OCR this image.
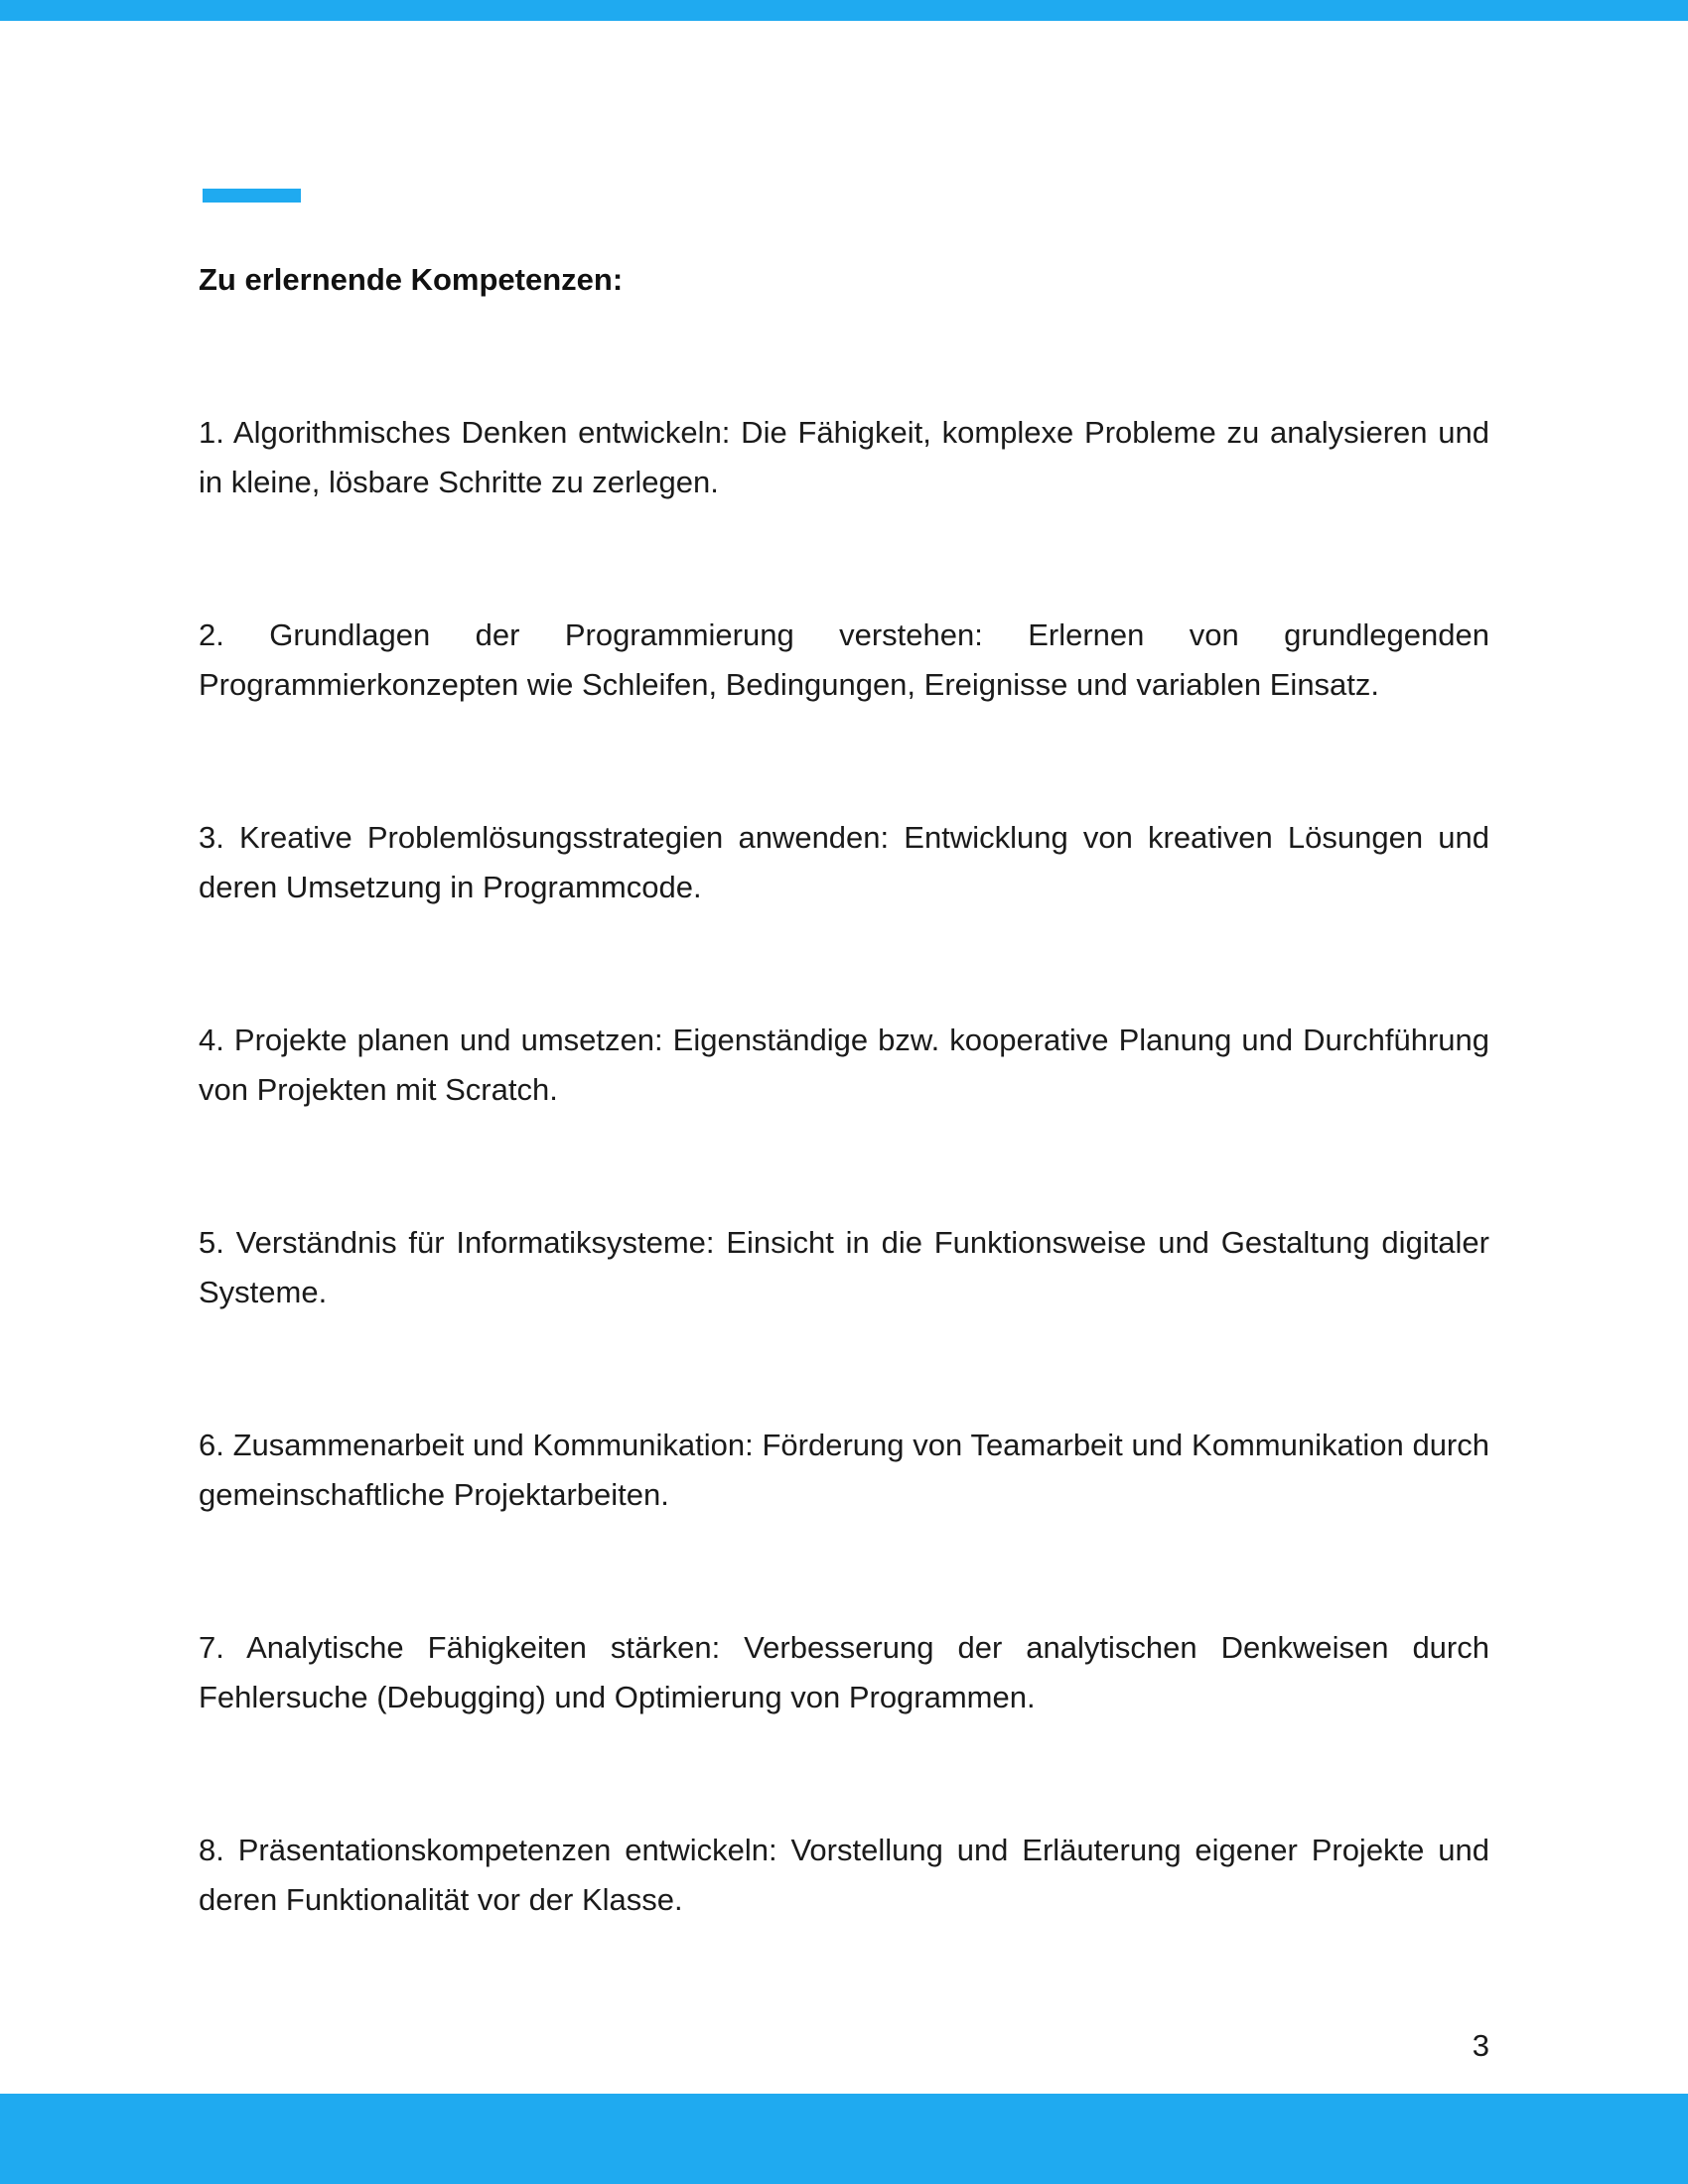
Zu erlernende Kompetenzen:

1. Algorithmisches Denken entwickeln: Die Fähigkeit, komplexe Probleme zu analysieren und in kleine, lösbare Schritte zu zerlegen.

2. Grundlagen der Programmierung verstehen: Erlernen von grundlegenden Programmierkonzepten wie Schleifen, Bedingungen, Ereignisse und variablen Einsatz.

3. Kreative Problemlösungsstrategien anwenden: Entwicklung von kreativen Lösungen und deren Umsetzung in Programmcode.

4. Projekte planen und umsetzen: Eigenständige bzw. kooperative Planung und Durchführung von Projekten mit Scratch.

5. Verständnis für Informatiksysteme: Einsicht in die Funktionsweise und Gestaltung digitaler Systeme.

6. Zusammenarbeit und Kommunikation: Förderung von Teamarbeit und Kommunikation durch gemeinschaftliche Projektarbeiten.

7. Analytische Fähigkeiten stärken: Verbesserung der analytischen Denkweisen durch Fehlersuche (Debugging) und Optimierung von Programmen.

8. Präsentationskompetenzen entwickeln: Vorstellung und Erläuterung eigener Projekte und deren Funktionalität vor der Klasse.

3
